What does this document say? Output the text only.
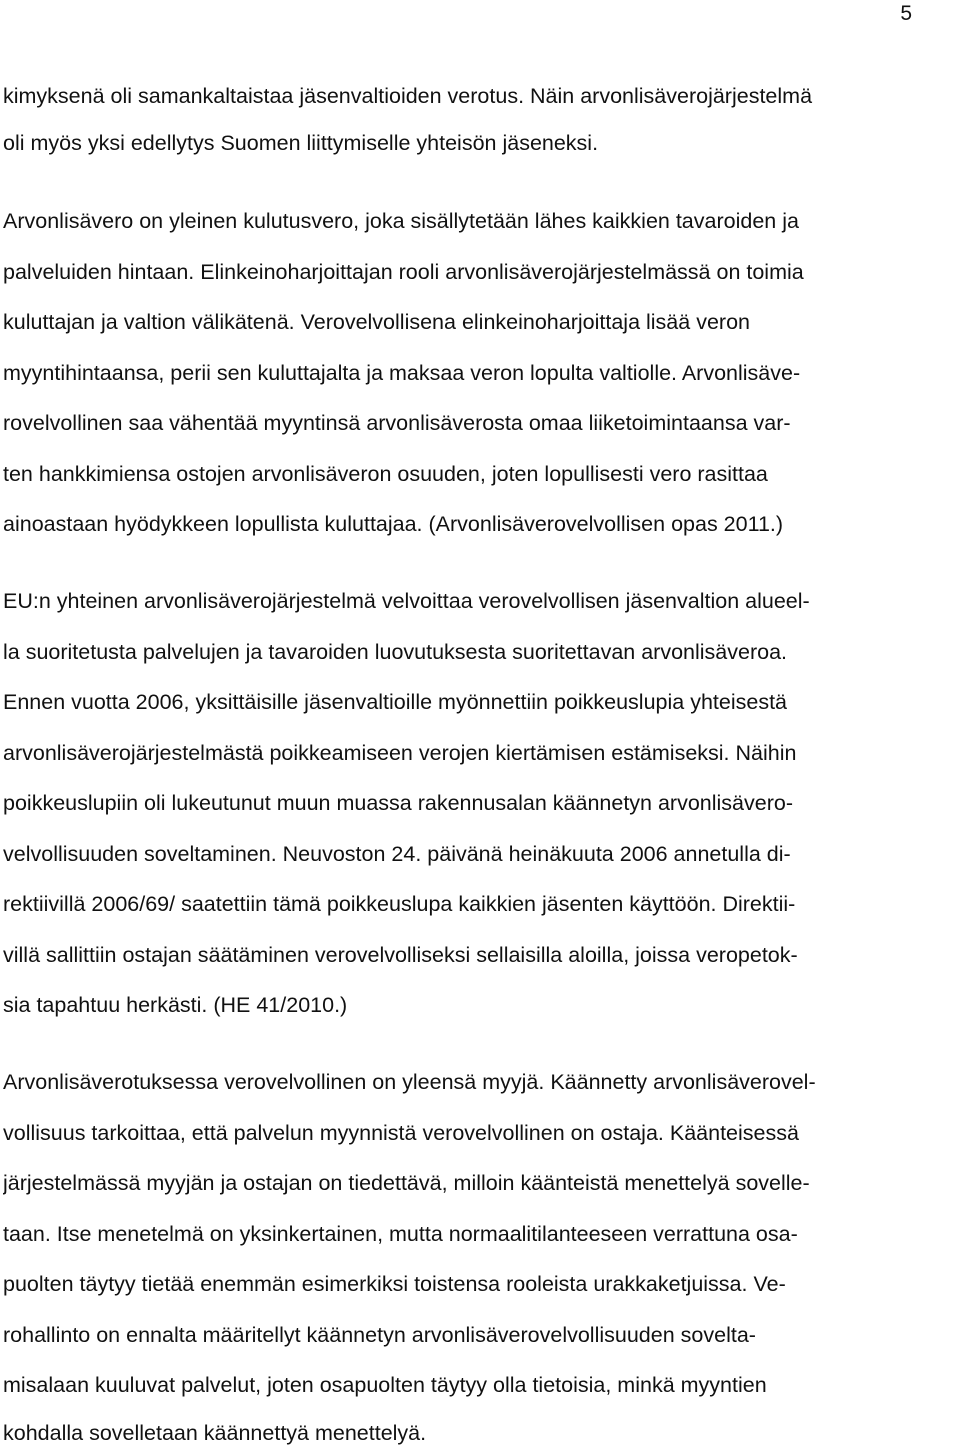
5
kimyksenä oli samankaltaistaa jäsenvaltioiden verotus. Näin arvonlisäverojärjestelmä
oli myös yksi edellytys Suomen liittymiselle yhteisön jäseneksi.
Arvonlisävero on yleinen kulutusvero, joka sisällytetään lähes kaikkien tavaroiden ja
palveluiden hintaan. Elinkeinoharjoittajan rooli arvonlisäverojärjestelmässä on toimia
kuluttajan ja valtion välikätenä. Verovelvollisena elinkeinoharjoittaja lisää veron
myyntihintaansa, perii sen kuluttajalta ja maksaa veron lopulta valtiolle. Arvonlisäve-
rovelvollinen saa vähentää myyntinsä arvonlisäverosta omaa liiketoimintaansa var-
ten hankkimiensa ostojen arvonlisäveron osuuden, joten lopullisesti vero rasittaa
ainoastaan hyödykkeen lopullista kuluttajaa. (Arvonlisäverovelvollisen opas 2011.)
EU:n yhteinen arvonlisäverojärjestelmä velvoittaa verovelvollisen jäsenvaltion alueel-
la suoritetusta palvelujen ja tavaroiden luovutuksesta suoritettavan arvonlisäveroa.
Ennen vuotta 2006, yksittäisille jäsenvaltioille myönnettiin poikkeuslupia yhteisestä
arvonlisäverojärjestelmästä poikkeamiseen verojen kiertämisen estämiseksi. Näihin
poikkeuslupiin oli lukeutunut muun muassa rakennusalan käännetyn arvonlisävero-
velvollisuuden soveltaminen. Neuvoston 24. päivänä heinäkuuta 2006 annetulla di-
rektiivillä 2006/69/ saatettiin tämä poikkeuslupa kaikkien jäsenten käyttöön. Direktii-
villä sallittiin ostajan säätäminen verovelvolliseksi sellaisilla aloilla, joissa veropetok-
sia tapahtuu herkästi. (HE 41/2010.)
Arvonlisäverotuksessa verovelvollinen on yleensä myyjä. Käännetty arvonlisäverovel-
vollisuus tarkoittaa, että palvelun myynnistä verovelvollinen on ostaja. Käänteisessä
järjestelmässä myyjän ja ostajan on tiedettävä, milloin käänteistä menettelyä sovelle-
taan. Itse menetelmä on yksinkertainen, mutta normaalitilanteeseen verrattuna osa-
puolten täytyy tietää enemmän esimerkiksi toistensa rooleista urakkaketjuissa. Ve-
rohallinto on ennalta määritellyt käännetyn arvonlisäverovelvollisuuden sovelta-
misalaan kuuluvat palvelut, joten osapuolten täytyy olla tietoisia, minkä myyntien
kohdalla sovelletaan käännettyä menettelyä.
